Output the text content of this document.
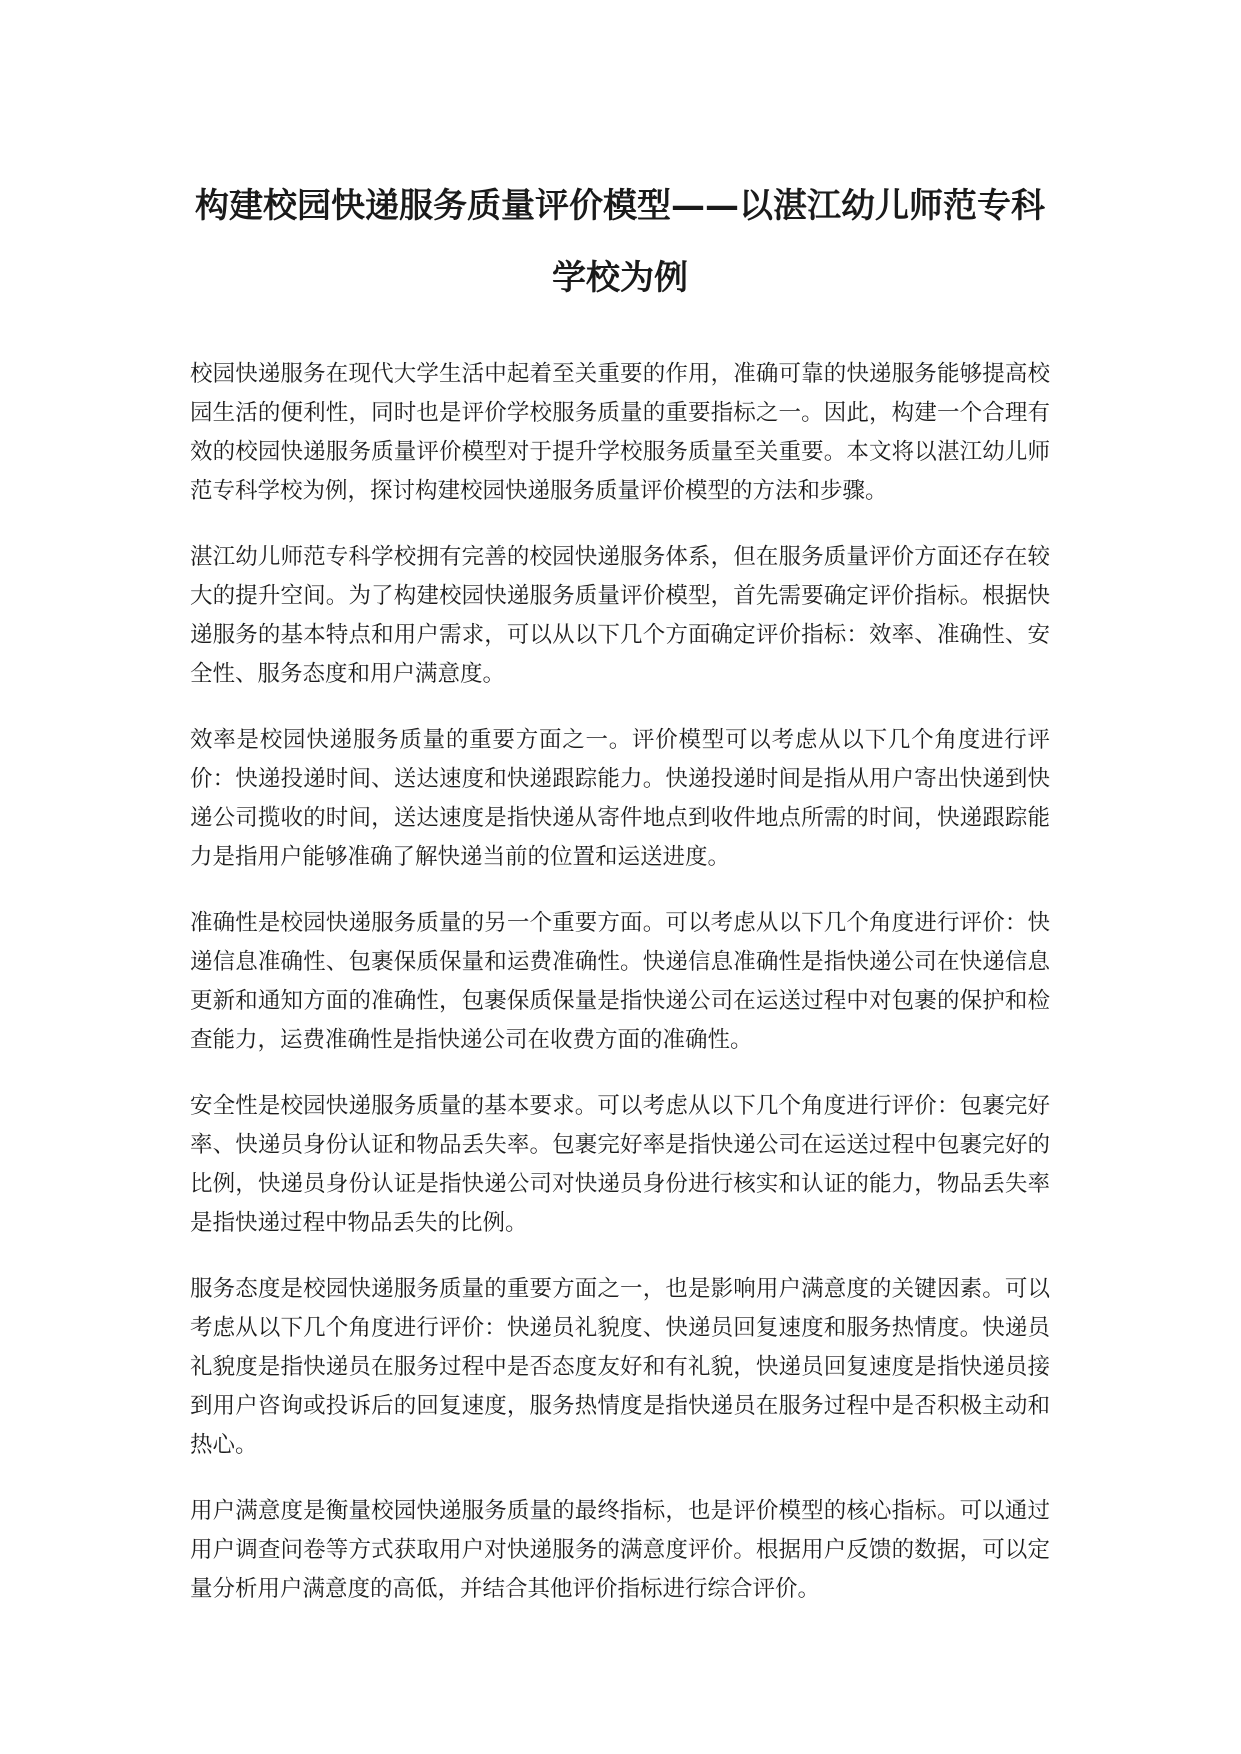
构建校园快递服务质量评价模型——以湛江幼儿师范专科学校为例

校园快递服务在现代大学生活中起着至关重要的作用，准确可靠的快递服务能够提高校园生活的便利性，同时也是评价学校服务质量的重要指标之一。因此，构建一个合理有效的校园快递服务质量评价模型对于提升学校服务质量至关重要。本文将以湛江幼儿师范专科学校为例，探讨构建校园快递服务质量评价模型的方法和步骤。

湛江幼儿师范专科学校拥有完善的校园快递服务体系，但在服务质量评价方面还存在较大的提升空间。为了构建校园快递服务质量评价模型，首先需要确定评价指标。根据快递服务的基本特点和用户需求，可以从以下几个方面确定评价指标：效率、准确性、安全性、服务态度和用户满意度。

效率是校园快递服务质量的重要方面之一。评价模型可以考虑从以下几个角度进行评价：快递投递时间、送达速度和快递跟踪能力。快递投递时间是指从用户寄出快递到快递公司揽收的时间，送达速度是指快递从寄件地点到收件地点所需的时间，快递跟踪能力是指用户能够准确了解快递当前的位置和运送进度。

准确性是校园快递服务质量的另一个重要方面。可以考虑从以下几个角度进行评价：快递信息准确性、包裹保质保量和运费准确性。快递信息准确性是指快递公司在快递信息更新和通知方面的准确性，包裹保质保量是指快递公司在运送过程中对包裹的保护和检查能力，运费准确性是指快递公司在收费方面的准确性。

安全性是校园快递服务质量的基本要求。可以考虑从以下几个角度进行评价：包裹完好率、快递员身份认证和物品丢失率。包裹完好率是指快递公司在运送过程中包裹完好的比例，快递员身份认证是指快递公司对快递员身份进行核实和认证的能力，物品丢失率是指快递过程中物品丢失的比例。

服务态度是校园快递服务质量的重要方面之一，也是影响用户满意度的关键因素。可以考虑从以下几个角度进行评价：快递员礼貌度、快递员回复速度和服务热情度。快递员礼貌度是指快递员在服务过程中是否态度友好和有礼貌，快递员回复速度是指快递员接到用户咨询或投诉后的回复速度，服务热情度是指快递员在服务过程中是否积极主动和热心。

用户满意度是衡量校园快递服务质量的最终指标，也是评价模型的核心指标。可以通过用户调查问卷等方式获取用户对快递服务的满意度评价。根据用户反馈的数据，可以定量分析用户满意度的高低，并结合其他评价指标进行综合评价。
